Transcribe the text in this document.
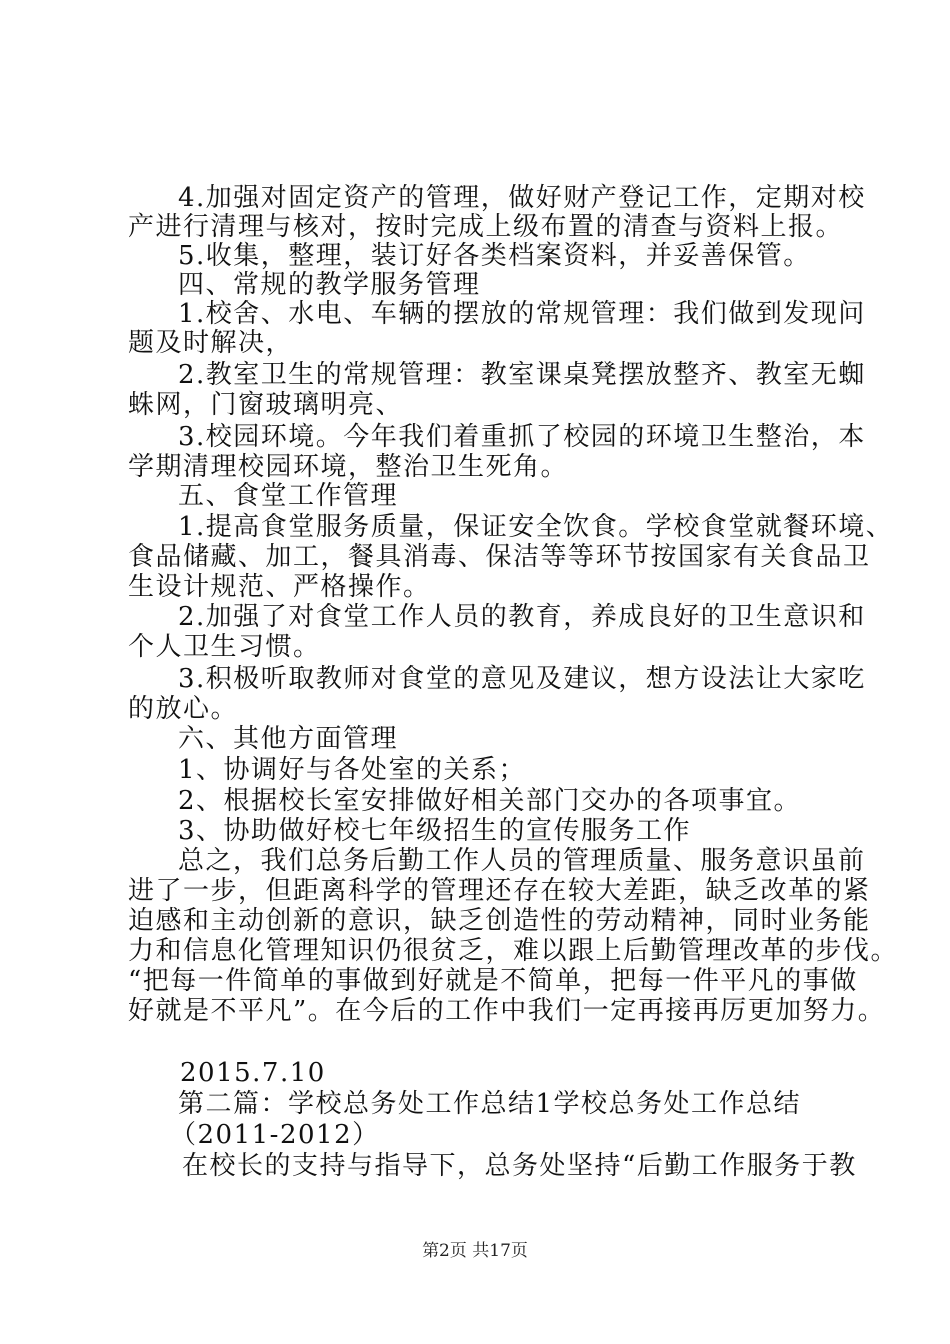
4.加强对固定资产的管理，做好财产登记工作，定期对校
产进行清理与核对，按时完成上级布置的清查与资料上报。
5.收集，整理，装订好各类档案资料，并妥善保管。
四、常规的教学服务管理
1.校舍、水电、车辆的摆放的常规管理：我们做到发现问
题及时解决，
2.教室卫生的常规管理：教室课桌凳摆放整齐、教室无蜘
蛛网，门窗玻璃明亮、
3.校园环境。今年我们着重抓了校园的环境卫生整治，本
学期清理校园环境，整治卫生死角。
五、食堂工作管理
1.提高食堂服务质量，保证安全饮食。学校食堂就餐环境、
食品储藏、加工，餐具消毒、保洁等等环节按国家有关食品卫
生设计规范、严格操作。
2.加强了对食堂工作人员的教育，养成良好的卫生意识和
个人卫生习惯。
3.积极听取教师对食堂的意见及建议，想方设法让大家吃
的放心。
六、其他方面管理
1、协调好与各处室的关系；
2、根据校长室安排做好相关部门交办的各项事宜。
3、协助做好校七年级招生的宣传服务工作
总之，我们总务后勤工作人员的管理质量、服务意识虽前
进了一步，但距离科学的管理还存在较大差距，缺乏改革的紧
迫感和主动创新的意识，缺乏创造性的劳动精神，同时业务能
力和信息化管理知识仍很贫乏，难以跟上后勤管理改革的步伐。
“把每一件简单的事做到好就是不简单，把每一件平凡的事做
好就是不平凡”。在今后的工作中我们一定再接再厉更加努力。
2015.7.10
第二篇：学校总务处工作总结1学校总务处工作总结
（2011-2012）
在校长的支持与指导下，总务处坚持“后勤工作服务于教
第2页 共17页
